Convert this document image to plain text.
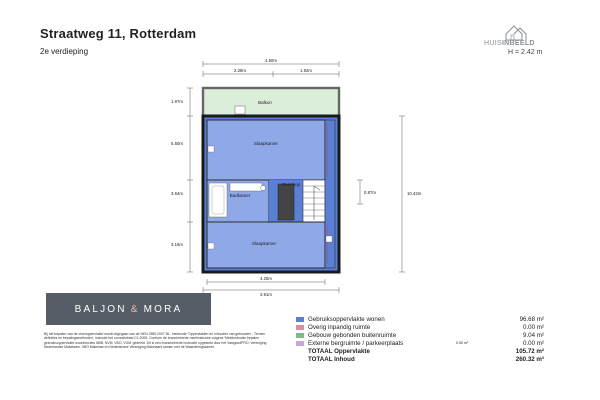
Straatweg 11, Rotterdam
2e verdieping
HUISINBEELD
H = 2.42 m
Balkon
Slaapkamer
Badkamer
Overloop
Slaapkamer
4.50m
2.28m	1.92m
1.97m
5.50m
3.64m
3.16m
10.42m
0.87m
4.25m
3.91m
BALJON & MORA
Bij het bepalen van de vloeroppervlakte wordt uitgegaan van de NEN 2580:2007 NL: meetcode 'Oppervlakten en inhouden van gebouwen - Termen definities en bepalingsmethoden', inclusief het correctieblad C1:2008. Conform de branchebrede meetinstructie volgens 'Meetinstructie bepalen gebruiksoppervlakte woonfuncties NBB, NVM, VBO, VGM' gedeeld. Dit is een branchebrede instructie opgesteld door het VastgoedPRO, Vereniging Nederlandse Makelaars, VBO Makelaar en Nederlandse Vereniging Makelaars samen met de Waarderingskamer.
Gebruiksoppervlakte wonen	96.68 m²
Overig inpandig ruimte	0.00 m²
Gebouw gebonden buitenruimte	9.04 m²
Externe bergruimte / parkeerplaats	0.00 m²	0.00 m²
TOTAAL Oppervlakte	105.72 m²
TOTAAL Inhoud	260.32 m³
